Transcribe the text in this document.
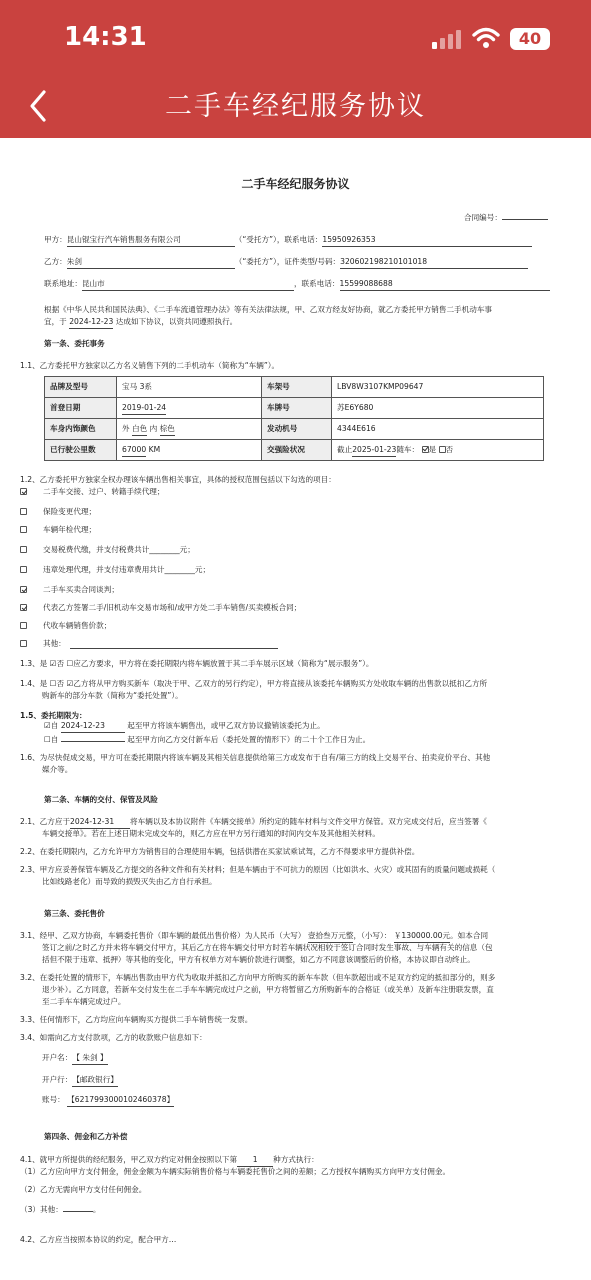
14:31	40
二手车经纪服务协议
二手车经纪服务协议
合同编号：
甲方：昆山锟宝行汽车销售服务有限公司	（“受托方”），联系电话：15950926353
乙方：朱剑	（“委托方”），证件类型/号码：320602198210101018
联系地址：昆山市	，联系电话：15599088688
根据《中华人民共和国民法典》、《二手车流通管理办法》等有关法律法规，甲、乙双方经友好协商，就乙方委托甲方销售二手机动车事
宜，于 2024-12-23 达成如下协议，以资共同遵照执行。
第一条、委托事务
1.1、乙方委托甲方独家以乙方名义销售下列的二手机动车（简称为“车辆”）。
品牌及型号	宝马 3系	车架号	LBV8W3107KMP09647
首登日期	2019-01-24	车牌号	苏E6Y680
车身内饰颜色	外 白色 内 棕色	发动机号	4344E616
已行驶公里数	67000 KM	交强险状况	截止2025-01-23随车： 是 否
1.2、乙方委托甲方独家全权办理该车辆出售相关事宜，具体的授权范围包括以下勾选的项目：
二手车交接、过户、转籍手续代理；
保险变更代理；
车辆年检代理；
交易税费代缴，并支付税费共计________元；
违章处理代理，并支付违章费用共计________元；
二手车买卖合同谈判；
代表乙方签署二手/旧机动车交易市场和/或甲方处二手车销售/买卖模板合同；
代收车辆销售价款；
其他：
1.3、是 ☑否 ☐应乙方要求，甲方将在委托期限内将车辆放置于其二手车展示区域（简称为“展示服务”）。
1.4、是 ☐否 ☑乙方将从甲方购买新车（取决于甲、乙双方的另行约定），甲方将直接从该委托车辆购买方处收取车辆的出售款以抵扣乙方所
购新车的部分车款（简称为“委托处置”）。
1.5、委托期限为：
☑自 2024-12-23	起至甲方将该车辆售出，或甲乙双方协议撤销该委托为止。
☐自	起至甲方向乙方交付新车后（委托处置的情形下）的二十个工作日为止。
1.6、为尽快促成交易，甲方可在委托期限内将该车辆及其相关信息提供给第三方或发布于自有/第三方的线上交易平台、拍卖竞价平台、其他
媒介等。
第二条、车辆的交付、保管及风险
2.1、乙方应于2024-12-31 将车辆以及本协议附件《车辆交接单》所约定的随车材料与文件交甲方保管。双方完成交付后，应当签署《
车辆交接单》。若在上述日期未完成交车的，则乙方应在甲方另行通知的时间内交车及其他相关材料。
2.2、在委托期限内，乙方允许甲方为销售目的合理使用车辆，包括供潜在买家试乘试驾，乙方不得要求甲方提供补偿。
2.3、甲方应妥善保管车辆及乙方提交的各种文件和有关材料；但是车辆由于不可抗力的原因（比如洪水、火灾）或其固有的质量问题或损耗（
比如线路老化）而导致的损毁灭失由乙方自行承担。
第三条、委托售价
3.1、经甲、乙双方协商，车辆委托售价（即车辆的最低出售价格）为人民币（大写） 壹拾叁万元整，（小写）： ￥130000.00元。如本合同
签订之前/之时乙方并未将车辆交付甲方，其后乙方在将车辆交付甲方时若车辆状况相较于签订合同时发生事故、与车辆有关的信息（包
括但不限于违章、抵押）等其他的变化，甲方有权单方对车辆价款进行调整，如乙方不同意该调整后的价格，本协议即自动终止。
3.2、在委托处置的情形下，车辆出售款由甲方代为收取并抵扣乙方向甲方所购买的新车车款（但车款超出或不足双方约定的抵扣部分的，则多
退少补）。乙方同意，若新车交付发生在二手车车辆完成过户之前，甲方将暂留乙方所购新车的合格证（或关单）及新车注册联发票，直
至二手车车辆完成过户。
3.3、任何情形下，乙方均应向车辆购买方提供二手车销售统一发票。
3.4、如需向乙方支付款项，乙方的收款账户信息如下：
开户名：【 朱剑 】
开户行：【邮政银行】
账号： 【6217993000102460378】
第四条、佣金和乙方补偿
4.1、就甲方所提供的经纪服务，甲乙双方约定对佣金按照以下第 1 种方式执行：
（1）乙方应向甲方支付佣金，佣金金额为车辆实际销售价格与车辆委托售价之间的差额；乙方授权车辆购买方向甲方支付佣金。
（2）乙方无需向甲方支付任何佣金。
（3）其他：	。
4.2、乙方应当按照本协议的约定，配合甲方…
